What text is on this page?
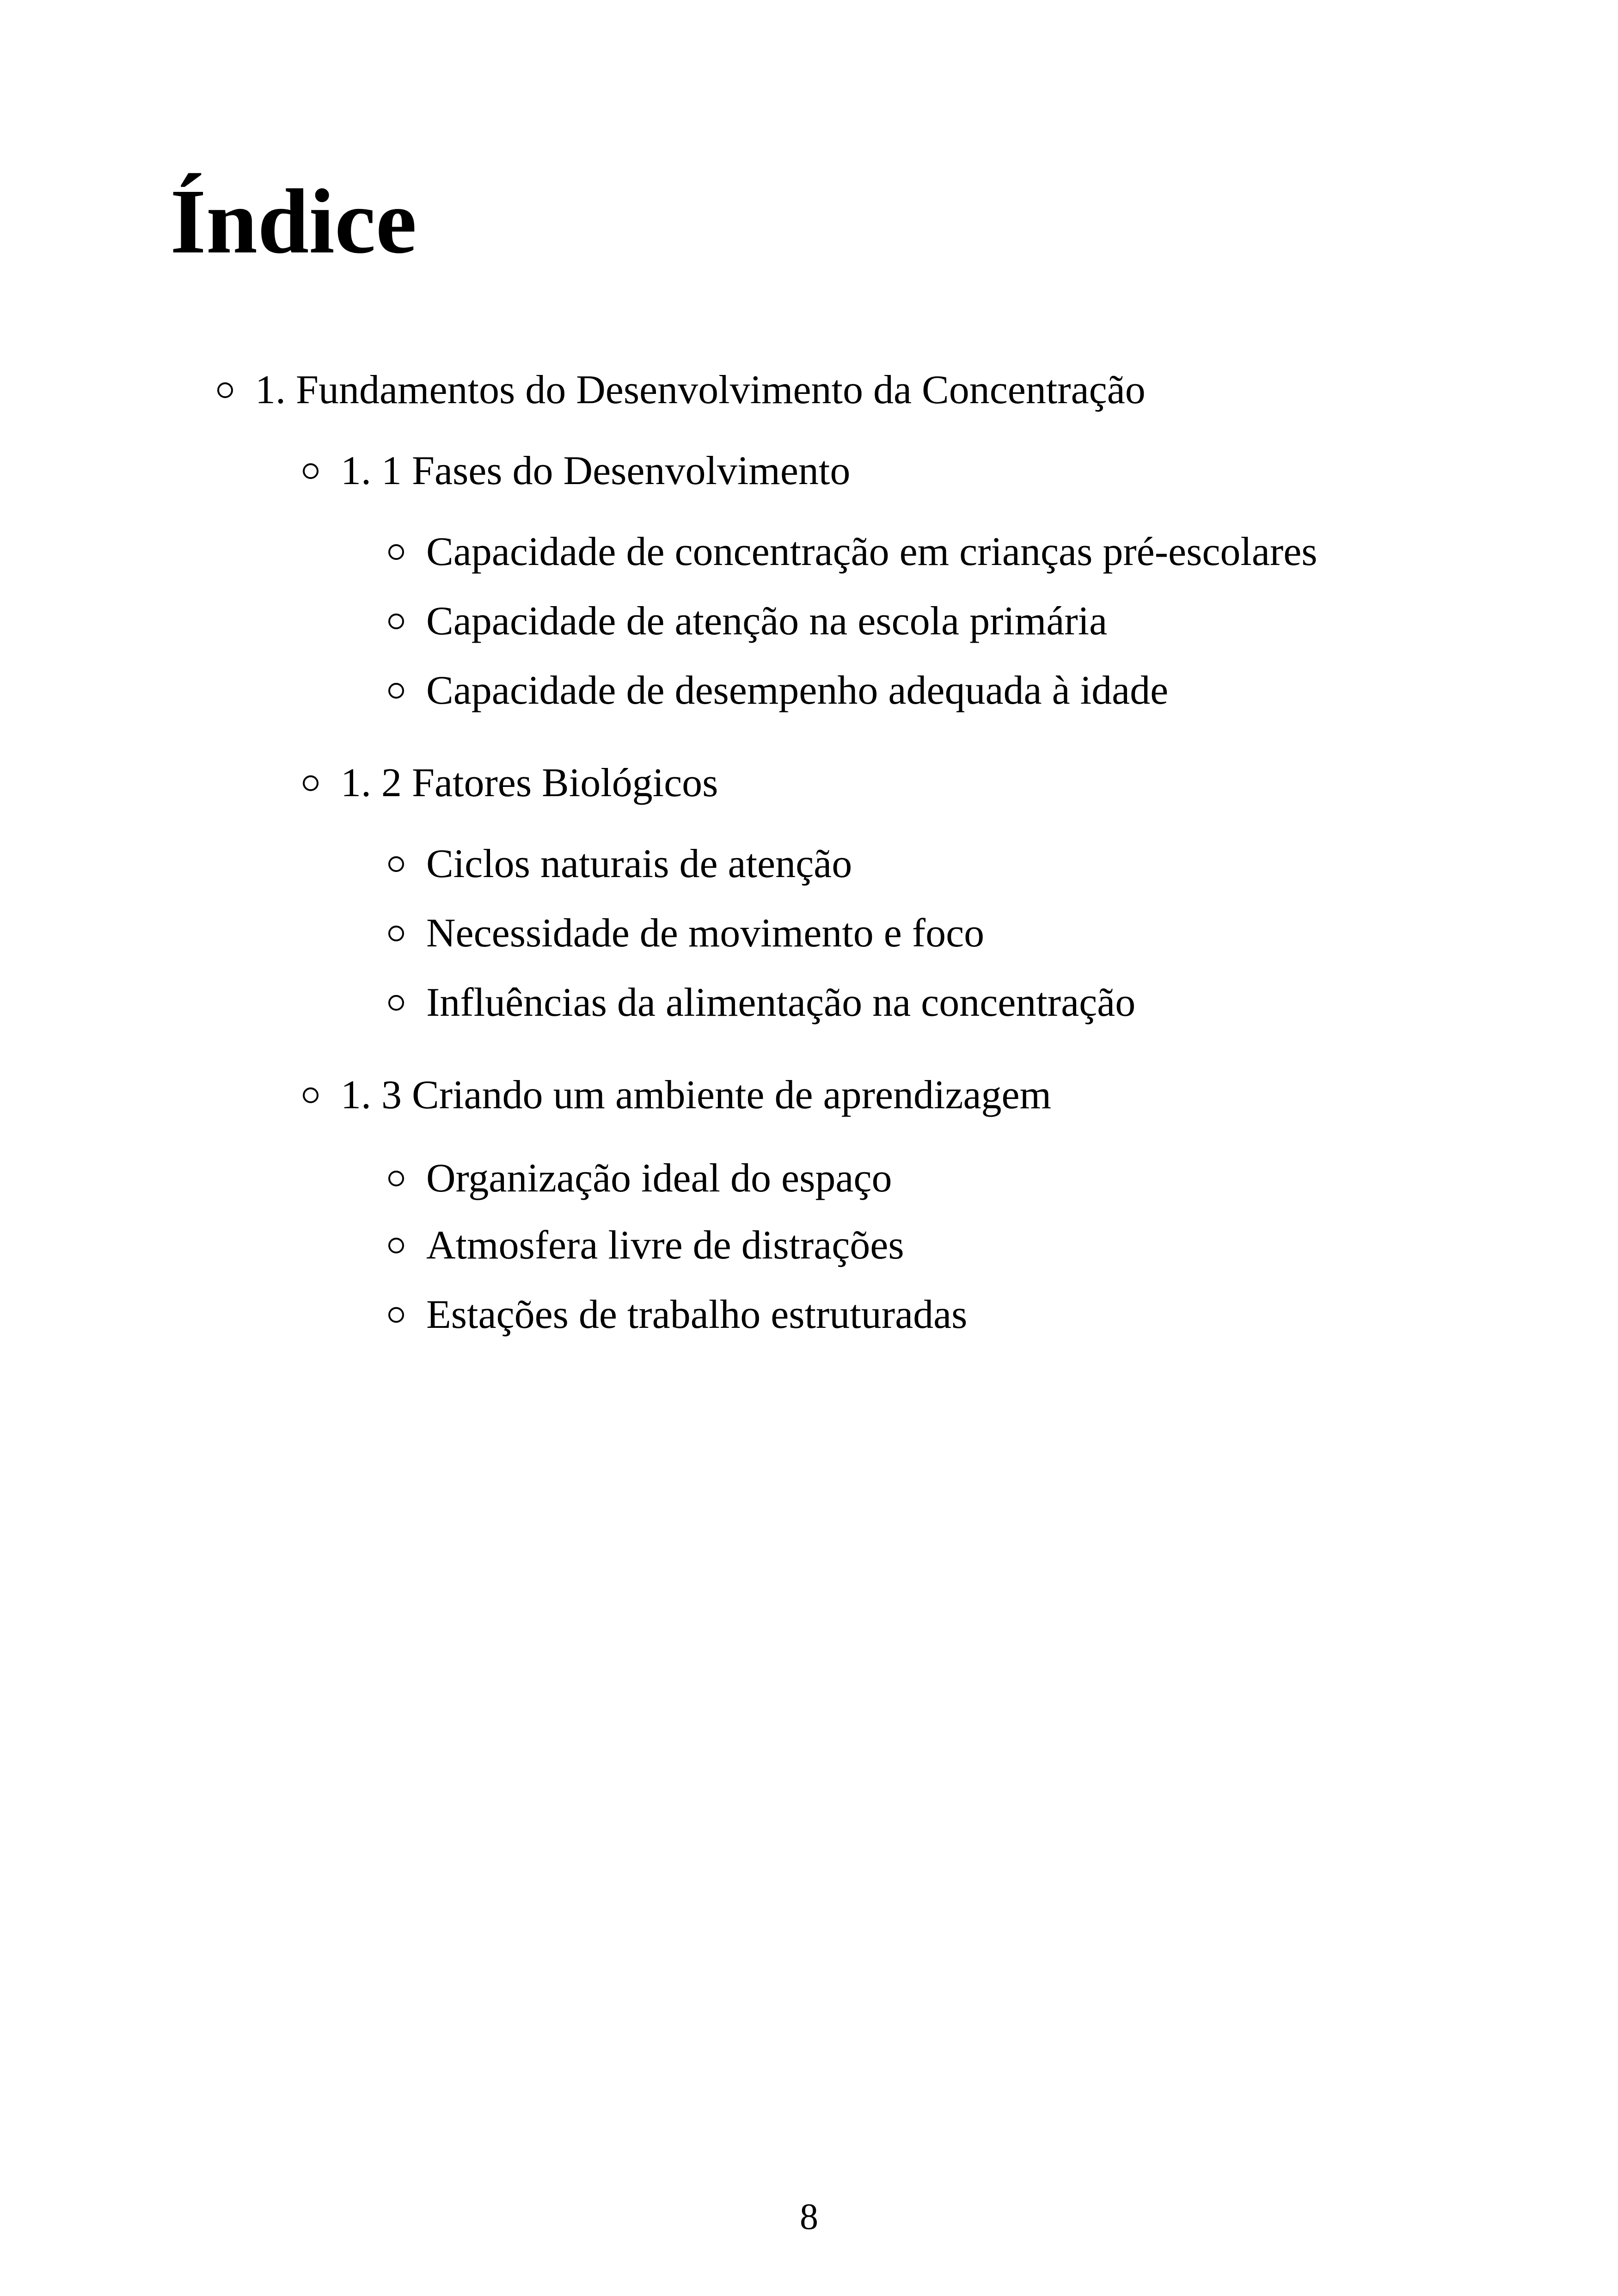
Índice
1. Fundamentos do Desenvolvimento da Concentração
1. 1 Fases do Desenvolvimento
Capacidade de concentração em crianças pré-escolares
Capacidade de atenção na escola primária
Capacidade de desempenho adequada à idade
1. 2 Fatores Biológicos
Ciclos naturais de atenção
Necessidade de movimento e foco
Influências da alimentação na concentração
1. 3 Criando um ambiente de aprendizagem
Organização ideal do espaço
Atmosfera livre de distrações
Estações de trabalho estruturadas
8
